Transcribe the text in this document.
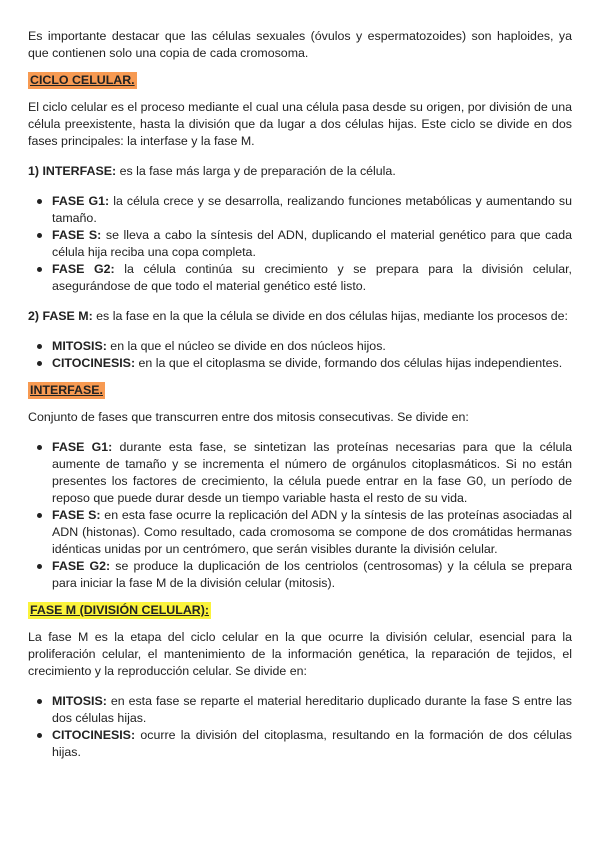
Es importante destacar que las células sexuales (óvulos y espermatozoides) son haploides, ya que contienen solo una copia de cada cromosoma.

CICLO CELULAR.

El ciclo celular es el proceso mediante el cual una célula pasa desde su origen, por división de una célula preexistente, hasta la división que da lugar a dos células hijas. Este ciclo se divide en dos fases principales: la interfase y la fase M.

1) INTERFASE: es la fase más larga y de preparación de la célula.

FASE G1: la célula crece y se desarrolla, realizando funciones metabólicas y aumentando su tamaño.
FASE S: se lleva a cabo la síntesis del ADN, duplicando el material genético para que cada célula hija reciba una copa completa.
FASE G2: la célula continúa su crecimiento y se prepara para la división celular, asegurándose de que todo el material genético esté listo.

2) FASE M: es la fase en la que la célula se divide en dos células hijas, mediante los procesos de:

MITOSIS: en la que el núcleo se divide en dos núcleos hijos.
CITOCINESIS: en la que el citoplasma se divide, formando dos células hijas independientes.
INTERFASE.

Conjunto de fases que transcurren entre dos mitosis consecutivas. Se divide en:

FASE G1: durante esta fase, se sintetizan las proteínas necesarias para que la célula aumente de tamaño y se incrementa el número de orgánulos citoplasmáticos. Si no están presentes los factores de crecimiento, la célula puede entrar en la fase G0, un período de reposo que puede durar desde un tiempo variable hasta el resto de su vida.
FASE S: en esta fase ocurre la replicación del ADN y la síntesis de las proteínas asociadas al ADN (histonas). Como resultado, cada cromosoma se compone de dos cromátidas hermanas idénticas unidas por un centrómero, que serán visibles durante la división celular.
FASE G2: se produce la duplicación de los centriolos (centrosomas) y la célula se prepara para iniciar la fase M de la división celular (mitosis).
FASE M (DIVISIÓN CELULAR):

La fase M es la etapa del ciclo celular en la que ocurre la división celular, esencial para la proliferación celular, el mantenimiento de la información genética, la reparación de tejidos, el crecimiento y la reproducción celular. Se divide en:

MITOSIS: en esta fase se reparte el material hereditario duplicado durante la fase S entre las dos células hijas.
CITOCINESIS: ocurre la división del citoplasma, resultando en la formación de dos células hijas.
